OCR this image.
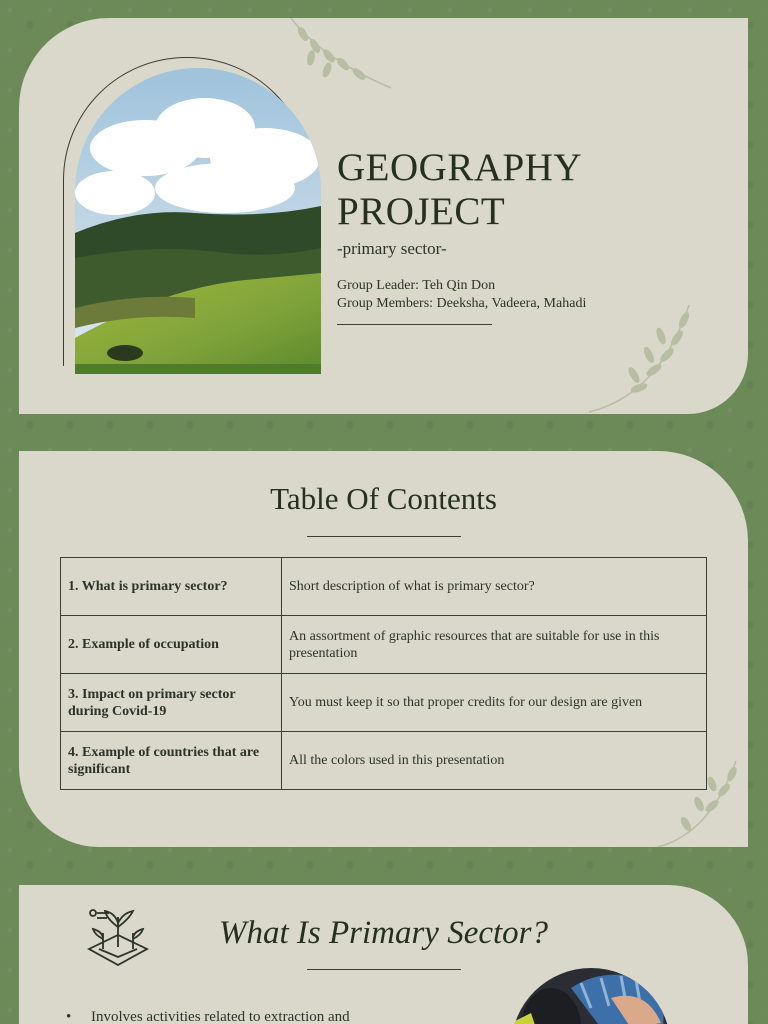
GEOGRAPHY
PROJECT
-primary sector-
Group Leader: Teh Qin Don
Group Members: Deeksha, Vadeera, Mahadi
Table Of Contents
1. What is primary sector?	Short description of what is primary sector?
2. Example of occupation	An assortment of graphic resources that are suitable for use in this presentation
3. Impact on primary sector during Covid-19	You must keep it so that proper credits for our design are given
4. Example of countries that are significant	All the colors used in this presentation
What Is Primary Sector?
• Involves activities related to extraction and
